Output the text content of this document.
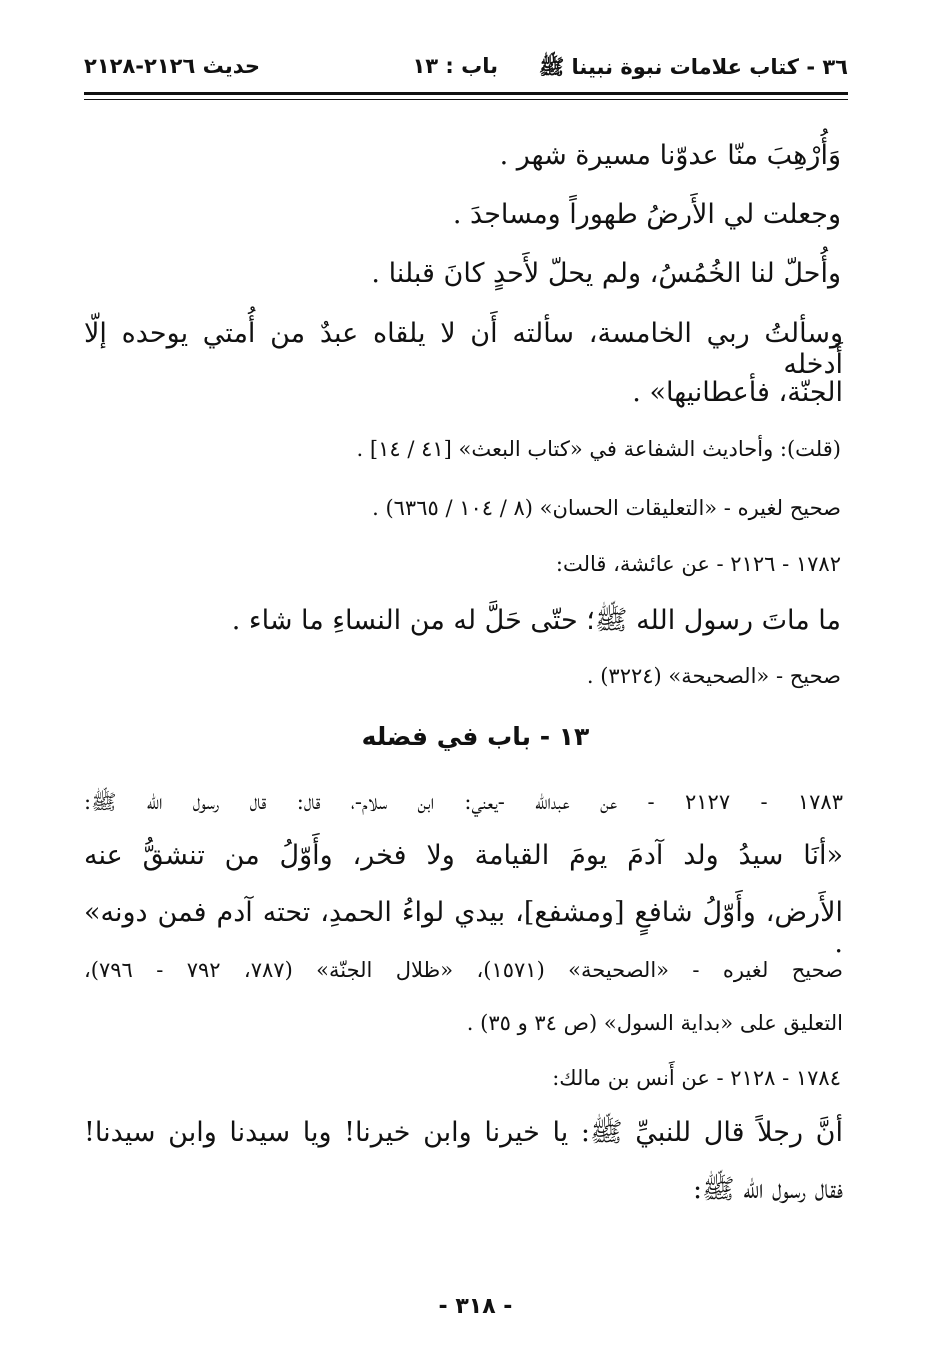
٣٦ - كتاب علامات نبوة نبينا ﷺ
باب : ١٣
حديث ٢١٢٦-٢١٢٨
وَأُرْهِبَ منّا عدوّنا مسيرة شهر .
وجعلت لي الأَرضُ طهوراً ومساجدَ .
وأُحلّ لنا الخُمُسُ، ولم يحلّ لأَحدٍ كانَ قبلنا .
وسألتُ ربي الخامسة، سألته أَن لا يلقاه عبدٌ من أُمتي يوحده إلّا أَدخله
الجنّة، فأعطانيها» .
(قلت): وأحاديث الشفاعة في «كتاب البعث» [٤١ / ١٤] .
صحيح لغيره - «التعليقات الحسان» (٨ / ١٠٤ / ٦٣٦٥) .
١٧٨٢ - ٢١٢٦ - عن عائشة، قالت:
ما ماتَ رسول الله ﷺ؛ حتّى حَلَّ له من النساءِ ما شاء .
صحيح - «الصحيحة» (٣٢٢٤) .
١٣ - باب في فضله
١٧٨٣ - ٢١٢٧ - عن عبدالله -يعني: ابن سلام-، قال: قال رسول الله ﷺ:
«أنَا سيدُ ولد آدمَ يومَ القيامة ولا فخر، وأَوّلُ من تنشقُّ عنه
الأَرض، وأَوّلُ شافعٍ [ومشفع]، بيدي لواءُ الحمدِ، تحته آدم فمن دونه» .
صحيح لغيره - «الصحيحة» (١٥٧١)، «ظلال الجنّة» (٧٨٧، ٧٩٢ - ٧٩٦)،
التعليق على «بداية السول» (ص ٣٤ و ٣٥) .
١٧٨٤ - ٢١٢٨ - عن أَنس بن مالك:
أنَّ رجلاً قال للنبيِّ ﷺ: يا خيرنا وابن خيرنا! ويا سيدنا وابن سيدنا!
فقال رسول الله ﷺ:
- ٣١٨ -
